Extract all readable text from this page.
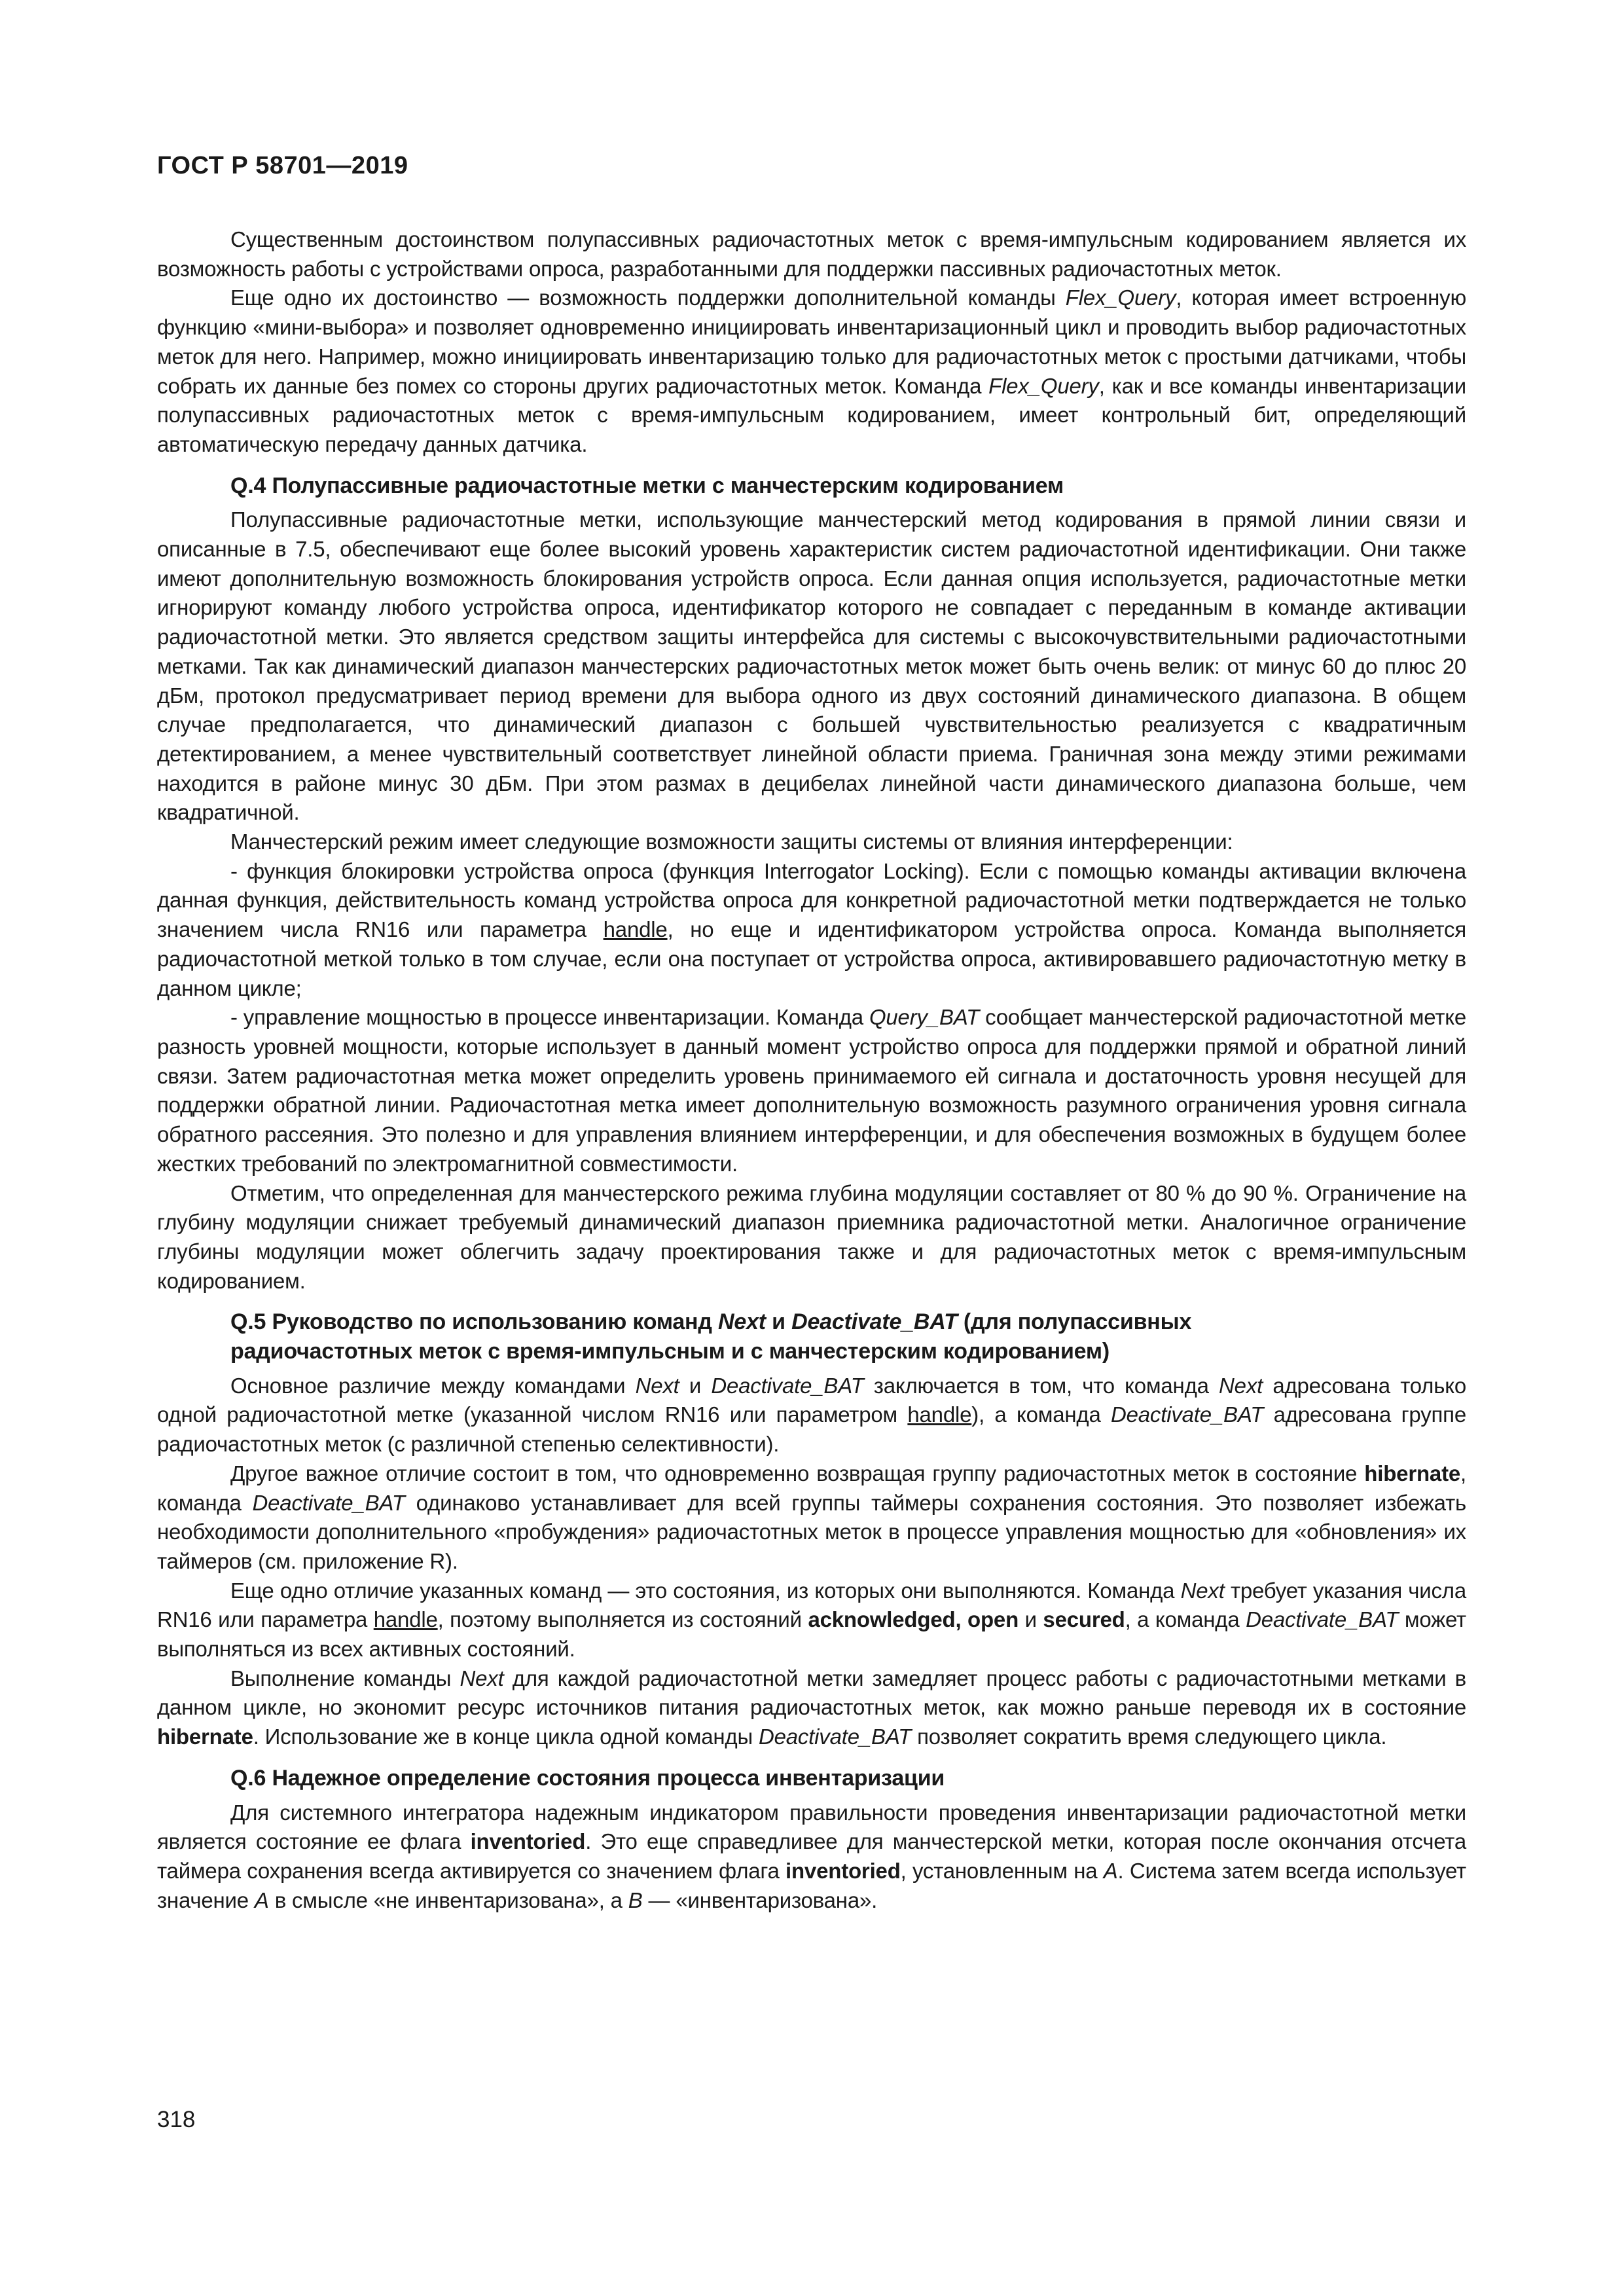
ГОСТ Р 58701—2019

Существенным достоинством полупассивных радиочастотных меток с время-импульсным кодированием является их возможность работы с устройствами опроса, разработанными для поддержки пассивных радиочастотных меток.

Еще одно их достоинство — возможность поддержки дополнительной команды Flex_Query, которая имеет встроенную функцию «мини-выбора» и позволяет одновременно инициировать инвентаризационный цикл и проводить выбор радиочастотных меток для него. Например, можно инициировать инвентаризацию только для радиочастотных меток с простыми датчиками, чтобы собрать их данные без помех со стороны других радиочастотных меток. Команда Flex_Query, как и все команды инвентаризации полупассивных радиочастотных меток с время-импульсным кодированием, имеет контрольный бит, определяющий автоматическую передачу данных датчика.

Q.4 Полупассивные радиочастотные метки с манчестерским кодированием

Полупассивные радиочастотные метки, использующие манчестерский метод кодирования в прямой линии связи и описанные в 7.5, обеспечивают еще более высокий уровень характеристик систем радиочастотной идентификации. Они также имеют дополнительную возможность блокирования устройств опроса. Если данная опция используется, радиочастотные метки игнорируют команду любого устройства опроса, идентификатор которого не совпадает с переданным в команде активации радиочастотной метки. Это является средством защиты интерфейса для системы с высокочувствительными радиочастотными метками. Так как динамический диапазон манчестерских радиочастотных меток может быть очень велик: от минус 60 до плюс 20 дБм, протокол предусматривает период времени для выбора одного из двух состояний динамического диапазона. В общем случае предполагается, что динамический диапазон с большей чувствительностью реализуется с квадратичным детектированием, а менее чувствительный соответствует линейной области приема. Граничная зона между этими режимами находится в районе минус 30 дБм. При этом размах в децибелах линейной части динамического диапазона больше, чем квадратичной.

Манчестерский режим имеет следующие возможности защиты системы от влияния интерференции:

- функция блокировки устройства опроса (функция Interrogator Locking). Если с помощью команды активации включена данная функция, действительность команд устройства опроса для конкретной радиочастотной метки подтверждается не только значением числа RN16 или параметра handle, но еще и идентификатором устройства опроса. Команда выполняется радиочастотной меткой только в том случае, если она поступает от устройства опроса, активировавшего радиочастотную метку в данном цикле;

- управление мощностью в процессе инвентаризации. Команда Query_BAT сообщает манчестерской радиочастотной метке разность уровней мощности, которые использует в данный момент устройство опроса для поддержки прямой и обратной линий связи. Затем радиочастотная метка может определить уровень принимаемого ей сигнала и достаточность уровня несущей для поддержки обратной линии. Радиочастотная метка имеет дополнительную возможность разумного ограничения уровня сигнала обратного рассеяния. Это полезно и для управления влиянием интерференции, и для обеспечения возможных в будущем более жестких требований по электромагнитной совместимости.

Отметим, что определенная для манчестерского режима глубина модуляции составляет от 80 % до 90 %. Ограничение на глубину модуляции снижает требуемый динамический диапазон приемника радиочастотной метки. Аналогичное ограничение глубины модуляции может облегчить задачу проектирования также и для радиочастотных меток с время-импульсным кодированием.

Q.5 Руководство по использованию команд Next и Deactivate_BAT (для полупассивных
радиочастотных меток с время-импульсным и с манчестерским кодированием)

Основное различие между командами Next и Deactivate_BAT заключается в том, что команда Next адресована только одной радиочастотной метке (указанной числом RN16 или параметром handle), а команда Deactivate_BAT адресована группе радиочастотных меток (с различной степенью селективности).

Другое важное отличие состоит в том, что одновременно возвращая группу радиочастотных меток в состояние hibernate, команда Deactivate_BAT одинаково устанавливает для всей группы таймеры сохранения состояния. Это позволяет избежать необходимости дополнительного «пробуждения» радиочастотных меток в процессе управления мощностью для «обновления» их таймеров (см. приложение R).

Еще одно отличие указанных команд — это состояния, из которых они выполняются. Команда Next требует указания числа RN16 или параметра handle, поэтому выполняется из состояний acknowledged, open и secured, а команда Deactivate_BAT может выполняться из всех активных состояний.

Выполнение команды Next для каждой радиочастотной метки замедляет процесс работы с радиочастотными метками в данном цикле, но экономит ресурс источников питания радиочастотных меток, как можно раньше переводя их в состояние hibernate. Использование же в конце цикла одной команды Deactivate_BAT позволяет сократить время следующего цикла.

Q.6 Надежное определение состояния процесса инвентаризации

Для системного интегратора надежным индикатором правильности проведения инвентаризации радиочастотной метки является состояние ее флага inventoried. Это еще справедливее для манчестерской метки, которая после окончания отсчета таймера сохранения всегда активируется со значением флага inventoried, установленным на A. Система затем всегда использует значение A в смысле «не инвентаризована», а B — «инвентаризована».

318
